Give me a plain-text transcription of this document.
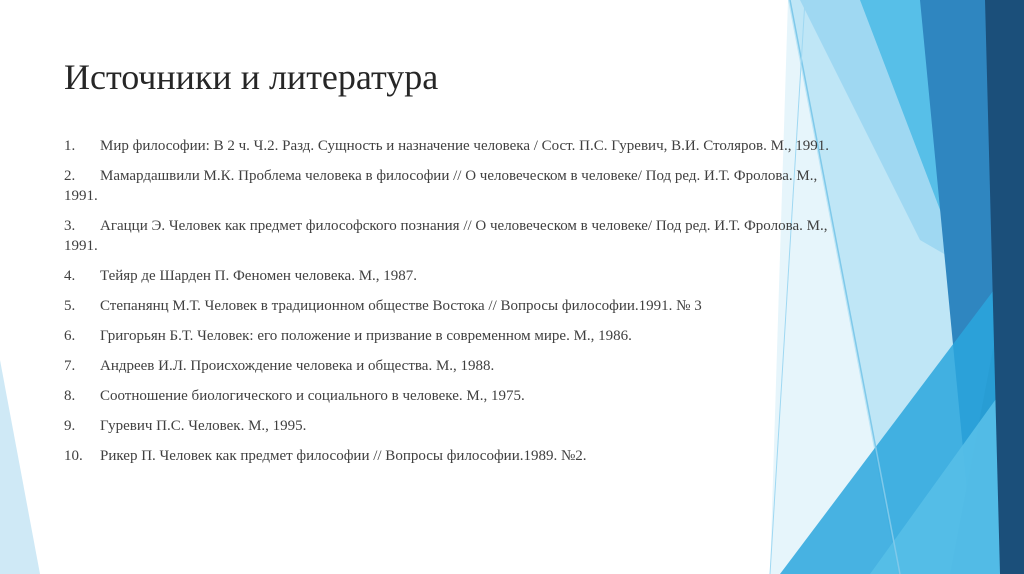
Источники и литература
1. Мир философии: В 2 ч. Ч.2. Разд. Сущность и назначение человека / Сост. П.С. Гуревич, В.И. Столяров. М., 1991.
2. Мамардашвили М.К. Проблема человека в философии // О человеческом в человеке/ Под ред. И.Т. Фролова. М., 1991.
3. Агацци Э. Человек как предмет философского познания // О человеческом в человеке/ Под ред. И.Т. Фролова. М., 1991.
4. Тейяр де Шарден П. Феномен человека. М., 1987.
5. Степанянц М.Т. Человек в традиционном обществе Востока // Вопросы философии.1991. № 3
6. Григорьян Б.Т. Человек: его положение и призвание в современном мире. М., 1986.
7. Андреев И.Л. Происхождение человека и общества. М., 1988.
8. Соотношение биологического и социального в человеке. М., 1975.
9. Гуревич П.С. Человек. М., 1995.
10. Рикер П. Человек как предмет философии // Вопросы философии.1989. №2.
